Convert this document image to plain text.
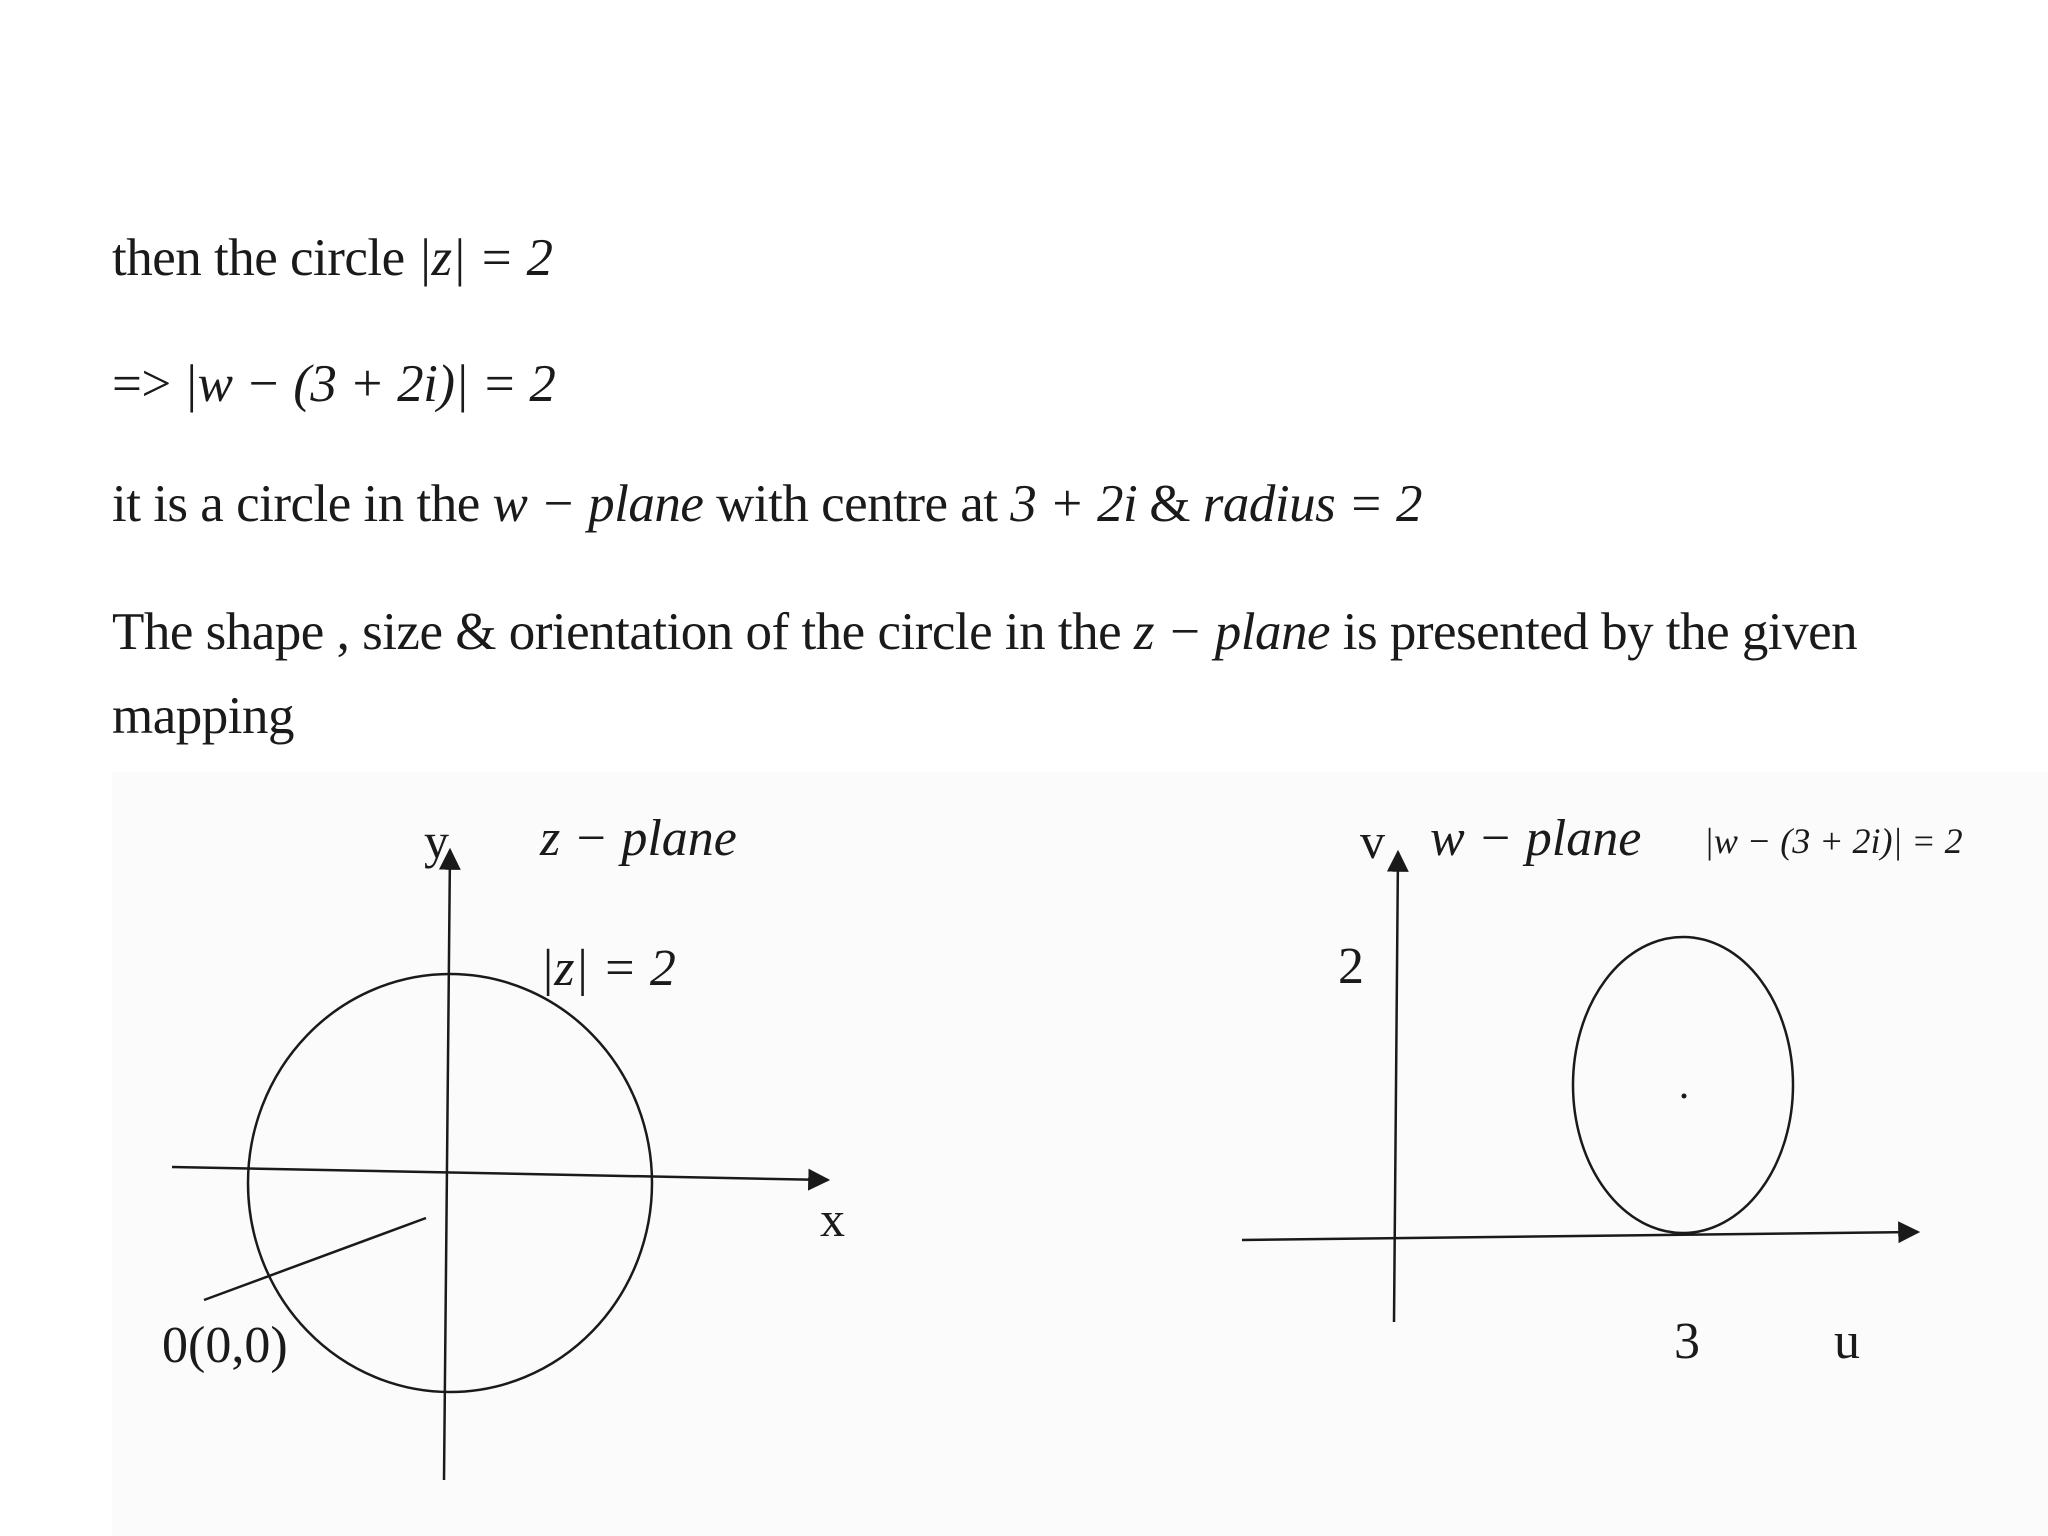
then the circle |z| = 2

=> |w − (3 + 2i)| = 2

it is a circle in the w − plane with centre at 3 + 2i & radius = 2

The shape , size & orientation of the circle in the z − plane is presented by the given

mapping

y
x
z − plane
|z| = 2
0(0,0)
v w − plane |w − (3 + 2i)| = 2
2
3	u
